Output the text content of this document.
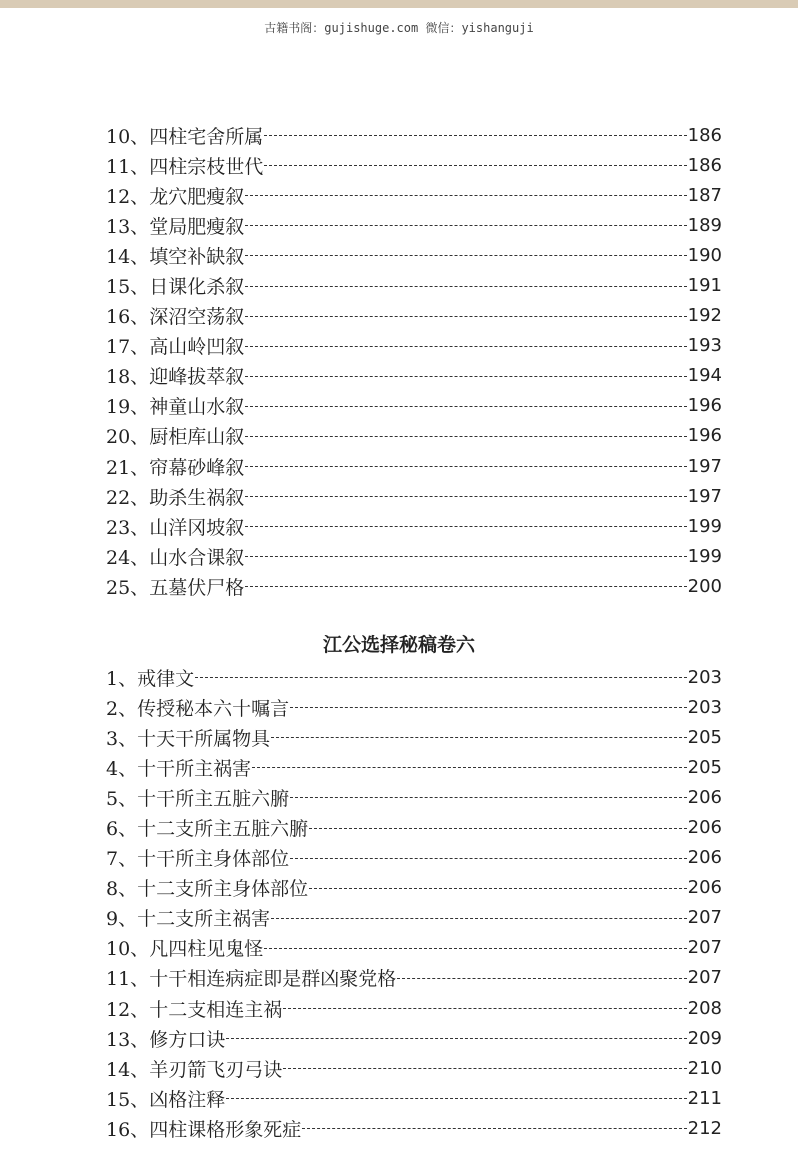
古籍书阁：gujishuge.com 微信：yishanguji
10、 四柱宅舍所属	186
11、 四柱宗枝世代	186
12、 龙穴肥瘦叙	187
13、 堂局肥瘦叙	189
14、 填空补缺叙	190
15、 日课化杀叙	191
16、 深沼空荡叙	192
17、 高山岭凹叙	193
18、 迎峰拔萃叙	194
19、 神童山水叙	196
20、 厨柜库山叙	196
21、 帘幕砂峰叙	197
22、 助杀生祸叙	197
23、 山洋冈坡叙	199
24、 山水合课叙	199
25、 五墓伏尸格	200
江公选择秘稿卷六
1、 戒律文	203
2、 传授秘本六十嘱言	203
3、 十天干所属物具	205
4、 十干所主祸害	205
5、 十干所主五脏六腑	206
6、 十二支所主五脏六腑	206
7、 十干所主身体部位	206
8、 十二支所主身体部位	206
9、 十二支所主祸害	207
10、 凡四柱见鬼怪	207
11、 十干相连病症即是群凶聚党格	207
12、 十二支相连主祸	208
13、 修方口诀	209
14、 羊刃箭飞刃弓诀	210
15、 凶格注释	211
16、 四柱课格形象死症	212
